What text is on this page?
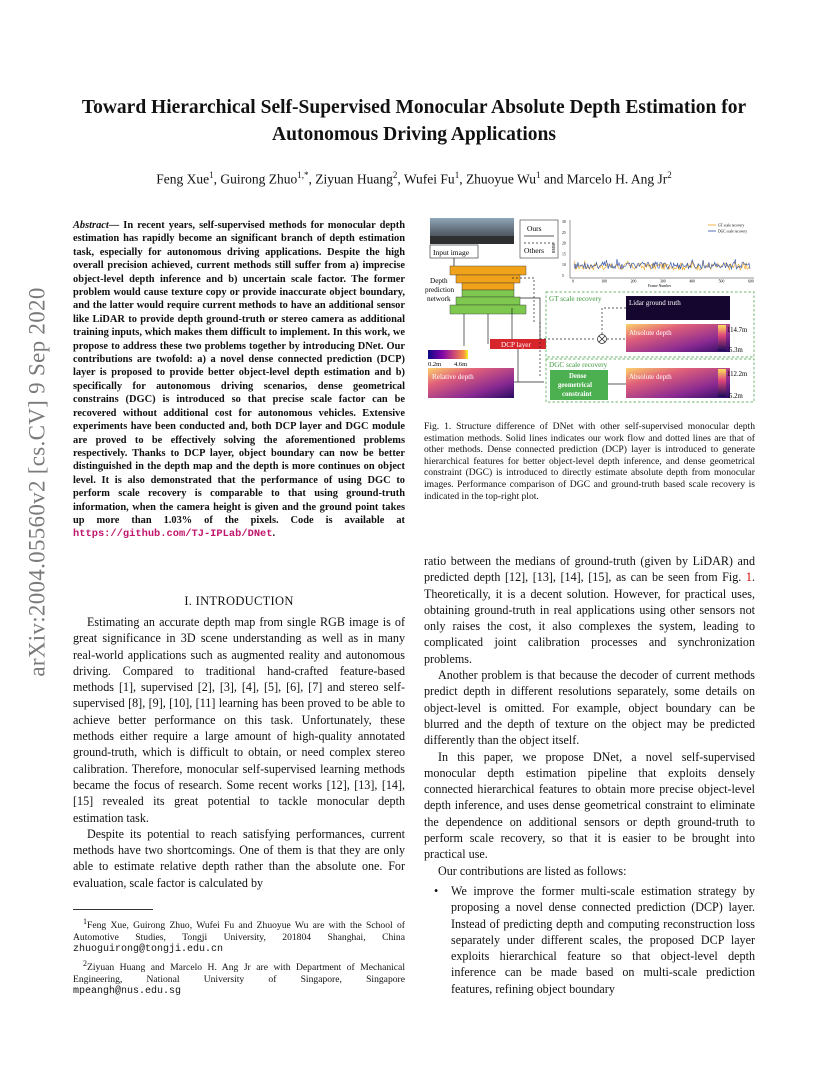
arXiv:2004.05560v2 [cs.CV] 9 Sep 2020
Toward Hierarchical Self-Supervised Monocular Absolute Depth Estimation for Autonomous Driving Applications
Feng Xue$^1$, Guirong Zhuo$^{1,*}$, Ziyuan Huang$^2$, Wufei Fu$^1$, Zhuoyue Wu$^1$ and Marcelo H. Ang Jr$^2$
Abstract— In recent years, self-supervised methods for monocular depth estimation has rapidly become an significant branch of depth estimation task, especially for autonomous driving applications. Despite the high overall precision achieved, current methods still suffer from a) imprecise object-level depth inference and b) uncertain scale factor. The former problem would cause texture copy or provide inaccurate object boundary, and the latter would require current methods to have an additional sensor like LiDAR to provide depth ground-truth or stereo camera as additional training inputs, which makes them difficult to implement. In this work, we propose to address these two problems together by introducing DNet. Our contributions are twofold: a) a novel dense connected prediction (DCP) layer is proposed to provide better object-level depth estimation and b) specifically for autonomous driving scenarios, dense geometrical constrains (DGC) is introduced so that precise scale factor can be recovered without additional cost for autonomous vehicles. Extensive experiments have been conducted and, both DCP layer and DGC module are proved to be effectively solving the aforementioned problems respectively. Thanks to DCP layer, object boundary can now be better distinguished in the depth map and the depth is more continues on object level. It is also demonstrated that the performance of using DGC to perform scale recovery is comparable to that using ground-truth information, when the camera height is given and the ground point takes up more than 1.03% of the pixels. Code is available at https://github.com/TJ-IPLab/DNet.
I. INTRODUCTION

Estimating an accurate depth map from single RGB image is of great significance in 3D scene understanding as well as in many real-world applications such as augmented reality and autonomous driving. Compared to traditional hand-crafted feature-based methods [1], supervised [2], [3], [4], [5], [6], [7] and stereo self-supervised [8], [9], [10], [11] learning has been proved to be able to achieve better performance on this task. Unfortunately, these methods either require a large amount of high-quality annotated ground-truth, which is difficult to obtain, or need complex stereo calibration. Therefore, monocular self-supervised learning methods became the focus of research. Some recent works [12], [13], [14], [15] revealed its great potential to tackle monocular depth estimation task.

Despite its potential to reach satisfying performances, current methods have two shortcomings. One of them is that they are only able to estimate relative depth rather than the absolute one. For evaluation, scale factor is calculated by

$^1$Feng Xue, Guirong Zhuo, Wufei Fu and Zhuoyue Wu are with the School of Automotive Studies, Tongji University, 201804 Shanghai, China zhuoguirong@tongji.edu.cn

$^2$Ziyuan Huang and Marcelo H. Ang Jr are with Department of Mechanical Engineering, National University of Singapore, Singapore mpeangh@nus.edu.sg

Input image
Ours
Others
5
10
15
20
25
30
0	100	200	300	400	500	600
Frame Number
RMSE
GT scale recovery
DGC scale recovery
Depth
prediction
network
DCP layer
0.2m 4.6m
Relative depth
GT scale recovery	Lidar ground truth
Absolute depth	114.7m
5.3m
DGC scale recovery
Dense
geometrical
constraint
Absolute depth	112.2m
5.2m
Fig. 1. Structure difference of DNet with other self-supervised monocular depth estimation methods. Solid lines indicates our work flow and dotted lines are that of other methods. Dense connected prediction (DCP) layer is introduced to generate hierarchical features for better object-level depth inference, and dense geometrical constraint (DGC) is introduced to directly estimate absolute depth from monocular images. Performance comparison of DGC and ground-truth based scale recovery is indicated in the top-right plot.

ratio between the medians of ground-truth (given by LiDAR) and predicted depth [12], [13], [14], [15], as can be seen from Fig. 1. Theoretically, it is a decent solution. However, for practical uses, obtaining ground-truth in real applications using other sensors not only raises the cost, it also complexes the system, leading to complicated joint calibration processes and synchronization problems.

Another problem is that because the decoder of current methods predict depth in different resolutions separately, some details on object-level is omitted. For example, object boundary can be blurred and the depth of texture on the object may be predicted differently than the object itself.

In this paper, we propose DNet, a novel self-supervised monocular depth estimation pipeline that exploits densely connected hierarchical features to obtain more precise object-level depth inference, and uses dense geometrical constraint to eliminate the dependence on additional sensors or depth ground-truth to perform scale recovery, so that it is easier to be brought into practical use.

Our contributions are listed as follows:

• We improve the former multi-scale estimation strategy by proposing a novel dense connected prediction (DCP) layer. Instead of predicting depth and computing reconstruction loss separately under different scales, the proposed DCP layer exploits hierarchical feature so that object-level depth inference can be made based on multi-scale prediction features, refining object boundary
